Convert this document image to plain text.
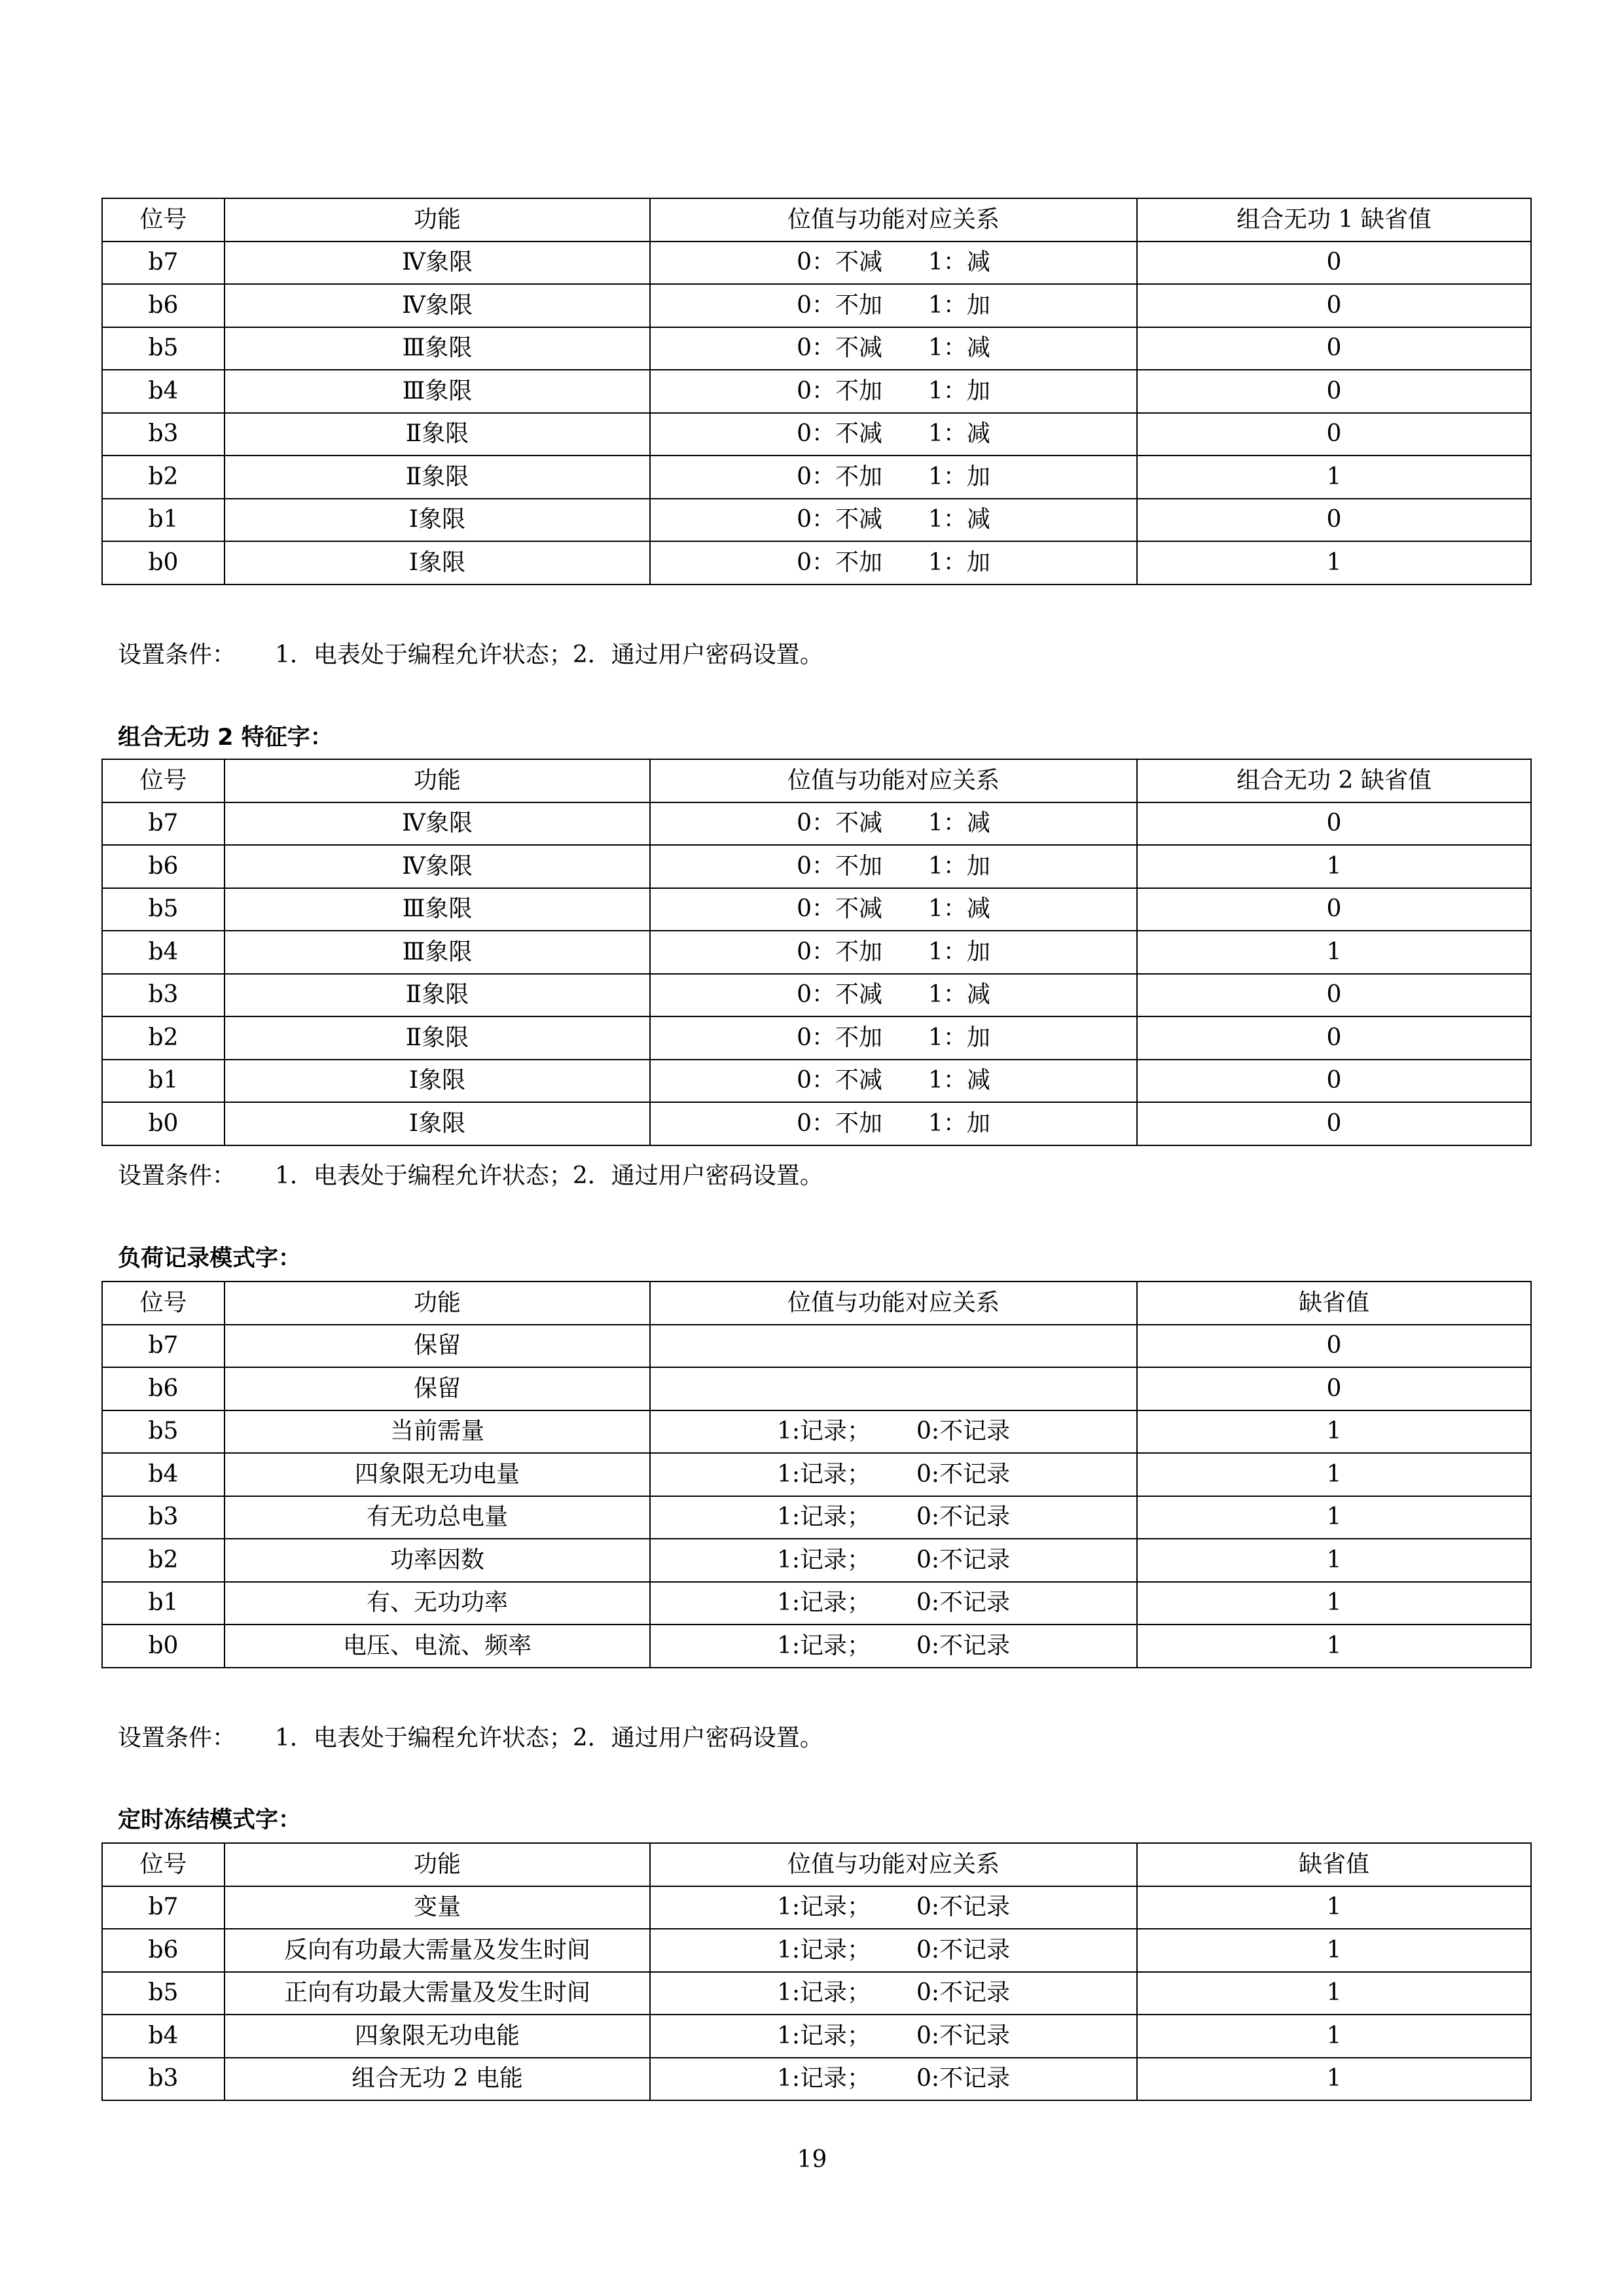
位号	功能	位值与功能对应关系	组合无功 1 缺省值
b7	Ⅳ象限	0：不减 1：减	0
b6	Ⅳ象限	0：不加 1：加	0
b5	Ⅲ象限	0：不减 1：减	0
b4	Ⅲ象限	0：不加 1：加	0
b3	Ⅱ象限	0：不减 1：减	0
b2	Ⅱ象限	0：不加 1：加	1
b1	Ⅰ象限	0：不减 1：减	0
b0	Ⅰ象限	0：不加 1：加	1
设置条件： 1．电表处于编程允许状态；2．通过用户密码设置。
组合无功 2 特征字：
位号	功能	位值与功能对应关系	组合无功 2 缺省值
b7	Ⅳ象限	0：不减 1：减	0
b6	Ⅳ象限	0：不加 1：加	1
b5	Ⅲ象限	0：不减 1：减	0
b4	Ⅲ象限	0：不加 1：加	1
b3	Ⅱ象限	0：不减 1：减	0
b2	Ⅱ象限	0：不加 1：加	0
b1	Ⅰ象限	0：不减 1：减	0
b0	Ⅰ象限	0：不加 1：加	0
设置条件： 1．电表处于编程允许状态；2．通过用户密码设置。
负荷记录模式字：
位号	功能	位值与功能对应关系	缺省值
b7	保留		0
b6	保留		0
b5	当前需量	1:记录； 0:不记录	1
b4	四象限无功电量	1:记录； 0:不记录	1
b3	有无功总电量	1:记录； 0:不记录	1
b2	功率因数	1:记录； 0:不记录	1
b1	有、无功功率	1:记录； 0:不记录	1
b0	电压、电流、频率	1:记录； 0:不记录	1
设置条件： 1．电表处于编程允许状态；2．通过用户密码设置。
定时冻结模式字：
位号	功能	位值与功能对应关系	缺省值
b7	变量	1:记录； 0:不记录	1
b6	反向有功最大需量及发生时间	1:记录； 0:不记录	1
b5	正向有功最大需量及发生时间	1:记录； 0:不记录	1
b4	四象限无功电能	1:记录； 0:不记录	1
b3	组合无功 2 电能	1:记录； 0:不记录	1
19
